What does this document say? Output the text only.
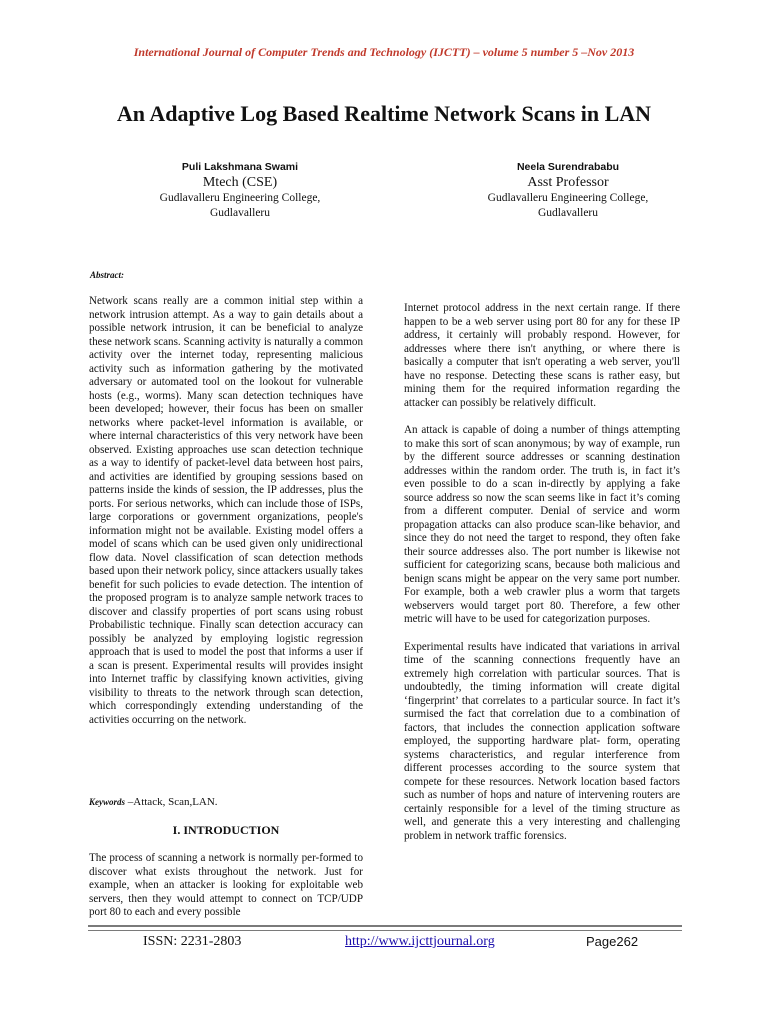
International Journal of Computer Trends and Technology (IJCTT) – volume 5 number 5 –Nov 2013
An Adaptive Log Based Realtime Network Scans in LAN
Puli Lakshmana Swami
Mtech (CSE)
Gudlavalleru Engineering College,
Gudlavalleru
Neela Surendrababu
Asst Professor
Gudlavalleru Engineering College,
Gudlavalleru
Abstract:

Network scans really are a common initial step within a network intrusion attempt. As a way to gain details about a possible network intrusion, it can be beneficial to analyze these network scans. Scanning activity is naturally a common activity over the internet today, representing malicious activity such as information gathering by the motivated adversary or automated tool on the lookout for vulnerable hosts (e.g., worms). Many scan detection techniques have been developed; however, their focus has been on smaller networks where packet-level information is available, or where internal characteristics of this very network have been observed. Existing approaches use scan detection technique as a way to identify of packet-level data between host pairs, and activities are identified by grouping sessions based on patterns inside the kinds of session, the IP addresses, plus the ports. For serious networks, which can include those of ISPs, large corporations or government organizations, people's information might not be available. Existing model offers a model of scans which can be used given only unidirectional flow data. Novel classification of scan detection methods based upon their network policy, since attackers usually takes benefit for such policies to evade detection. The intention of the proposed program is to analyze sample network traces to discover and classify properties of port scans using robust Probabilistic technique. Finally scan detection accuracy can possibly be analyzed by employing logistic regression approach that is used to model the post that informs a user if a scan is present. Experimental results will provides insight into Internet traffic by classifying known activities, giving visibility to threats to the network through scan detection, which correspondingly extending understanding of the activities occurring on the network.

Keywords –Attack, Scan,LAN.
I. INTRODUCTION

The process of scanning a network is normally per-formed to discover what exists throughout the network. Just for example, when an attacker is looking for exploitable web servers, then they would attempt to connect on TCP/UDP port 80 to each and every possible

Internet protocol address in the next certain range. If there happen to be a web server using port 80 for any for these IP address, it certainly will probably respond. However, for addresses where there isn't anything, or where there is basically a computer that isn't operating a web server, you'll have no response. Detecting these scans is rather easy, but mining them for the required information regarding the attacker can possibly be relatively difficult.

An attack is capable of doing a number of things attempting to make this sort of scan anonymous; by way of example, run by the different source addresses or scanning destination addresses within the random order. The truth is, in fact it’s even possible to do a scan in-directly by applying a fake source address so now the scan seems like in fact it’s coming from a different computer. Denial of service and worm propagation attacks can also produce scan-like behavior, and since they do not need the target to respond, they often fake their source addresses also. The port number is likewise not sufficient for categorizing scans, because both malicious and benign scans might be appear on the very same port number. For example, both a web crawler plus a worm that targets webservers would target port 80. Therefore, a few other metric will have to be used for categorization purposes.

Experimental results have indicated that variations in arrival time of the scanning connections frequently have an extremely high correlation with particular sources. That is undoubtedly, the timing information will create digital ‘fingerprint’ that correlates to a particular source. In fact it’s surmised the fact that correlation due to a combination of factors, that includes the connection application software employed, the supporting hardware plat- form, operating systems characteristics, and regular interference from different processes according to the source system that compete for these resources. Network location based factors such as number of hops and nature of intervening routers are certainly responsible for a level of the timing structure as well, and generate this a very interesting and challenging problem in network traffic forensics.

ISSN: 2231-2803	http://www.ijcttjournal.org	Page262
